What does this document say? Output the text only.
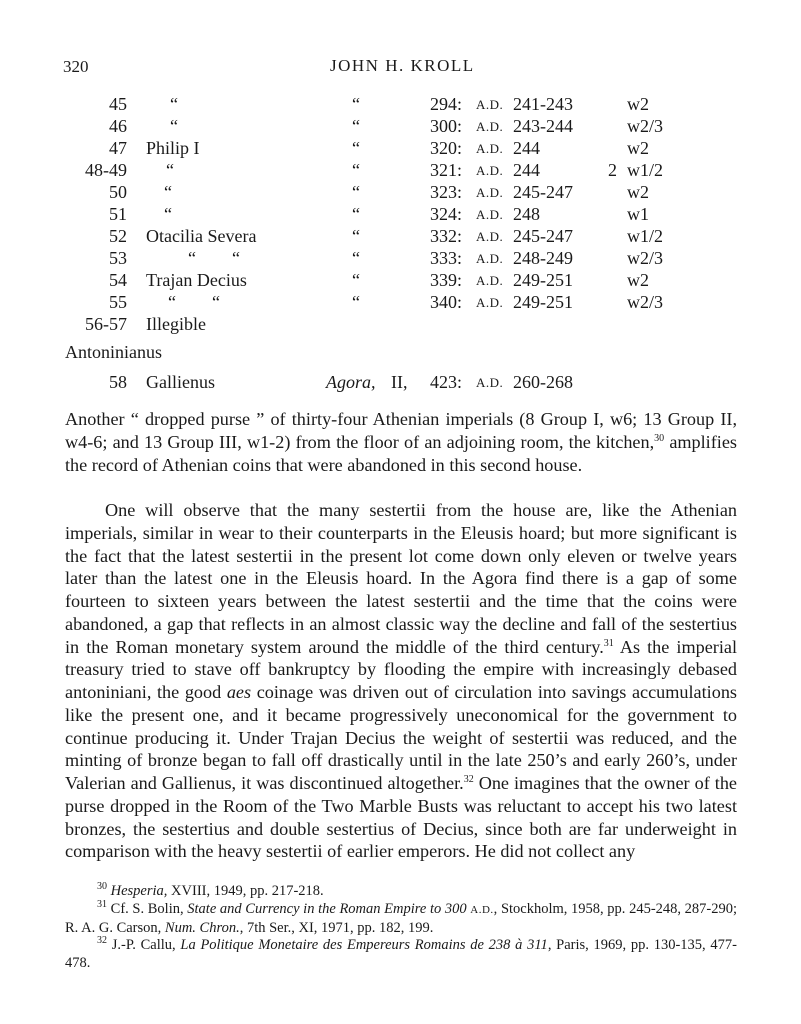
320	JOHN H. KROLL
45 “	“	294: A.D. 241-243	w2
46 “	“	300: A.D. 243-244	w2/3
47 Philip I	“	320: A.D. 244	w2
48-49 “	“	321: A.D. 244	2 w1/2
50 “	“	323: A.D. 245-247	w2
51 “	“	324: A.D. 248	w1
52 Otacilia Severa	“	332: A.D. 245-247	w1/2
53	“        “	“	333: A.D. 248-249	w2/3
54 Trajan Decius	“	339: A.D. 249-251	w2
55 “        “	“	340: A.D. 249-251	w2/3
56-57 Illegible
Antoninianus
58 Gallienus	Agora, II, 423: A.D. 260-268

Another “ dropped purse ” of thirty-four Athenian imperials (8 Group I, w6; 13 Group II, w4-6; and 13 Group III, w1-2) from the floor of an adjoining room, the kitchen,$^{30}$ amplifies the record of Athenian coins that were abandoned in this second house.

One will observe that the many sestertii from the house are, like the Athenian imperials, similar in wear to their counterparts in the Eleusis hoard; but more significant is the fact that the latest sestertii in the present lot come down only eleven or twelve years later than the latest one in the Eleusis hoard. In the Agora find there is a gap of some fourteen to sixteen years between the latest sestertii and the time that the coins were abandoned, a gap that reflects in an almost classic way the decline and fall of the sestertius in the Roman monetary system around the middle of the third century.$^{31}$ As the imperial treasury tried to stave off bankruptcy by flooding the empire with increasingly debased antoniniani, the good aes coinage was driven out of circulation into savings accumulations like the present one, and it became progressively uneconomical for the government to continue producing it. Under Trajan Decius the weight of sestertii was reduced, and the minting of bronze began to fall off drastically until in the late 250’s and early 260’s, under Valerian and Gallienus, it was discontinued altogether.$^{32}$ One imagines that the owner of the purse dropped in the Room of the Two Marble Busts was reluctant to accept his two latest bronzes, the sestertius and double sestertius of Decius, since both are far underweight in comparison with the heavy sestertii of earlier emperors. He did not collect any

$^{30}$ Hesperia, XVIII, 1949, pp. 217-218.

$^{31}$ Cf. S. Bolin, State and Currency in the Roman Empire to 300 A.D., Stockholm, 1958, pp. 245-248, 287-290; R. A. G. Carson, Num. Chron., 7th Ser., XI, 1971, pp. 182, 199.

$^{32}$ J.-P. Callu, La Politique Monetaire des Empereurs Romains de 238 à 311, Paris, 1969, pp. 130-135, 477-478.
